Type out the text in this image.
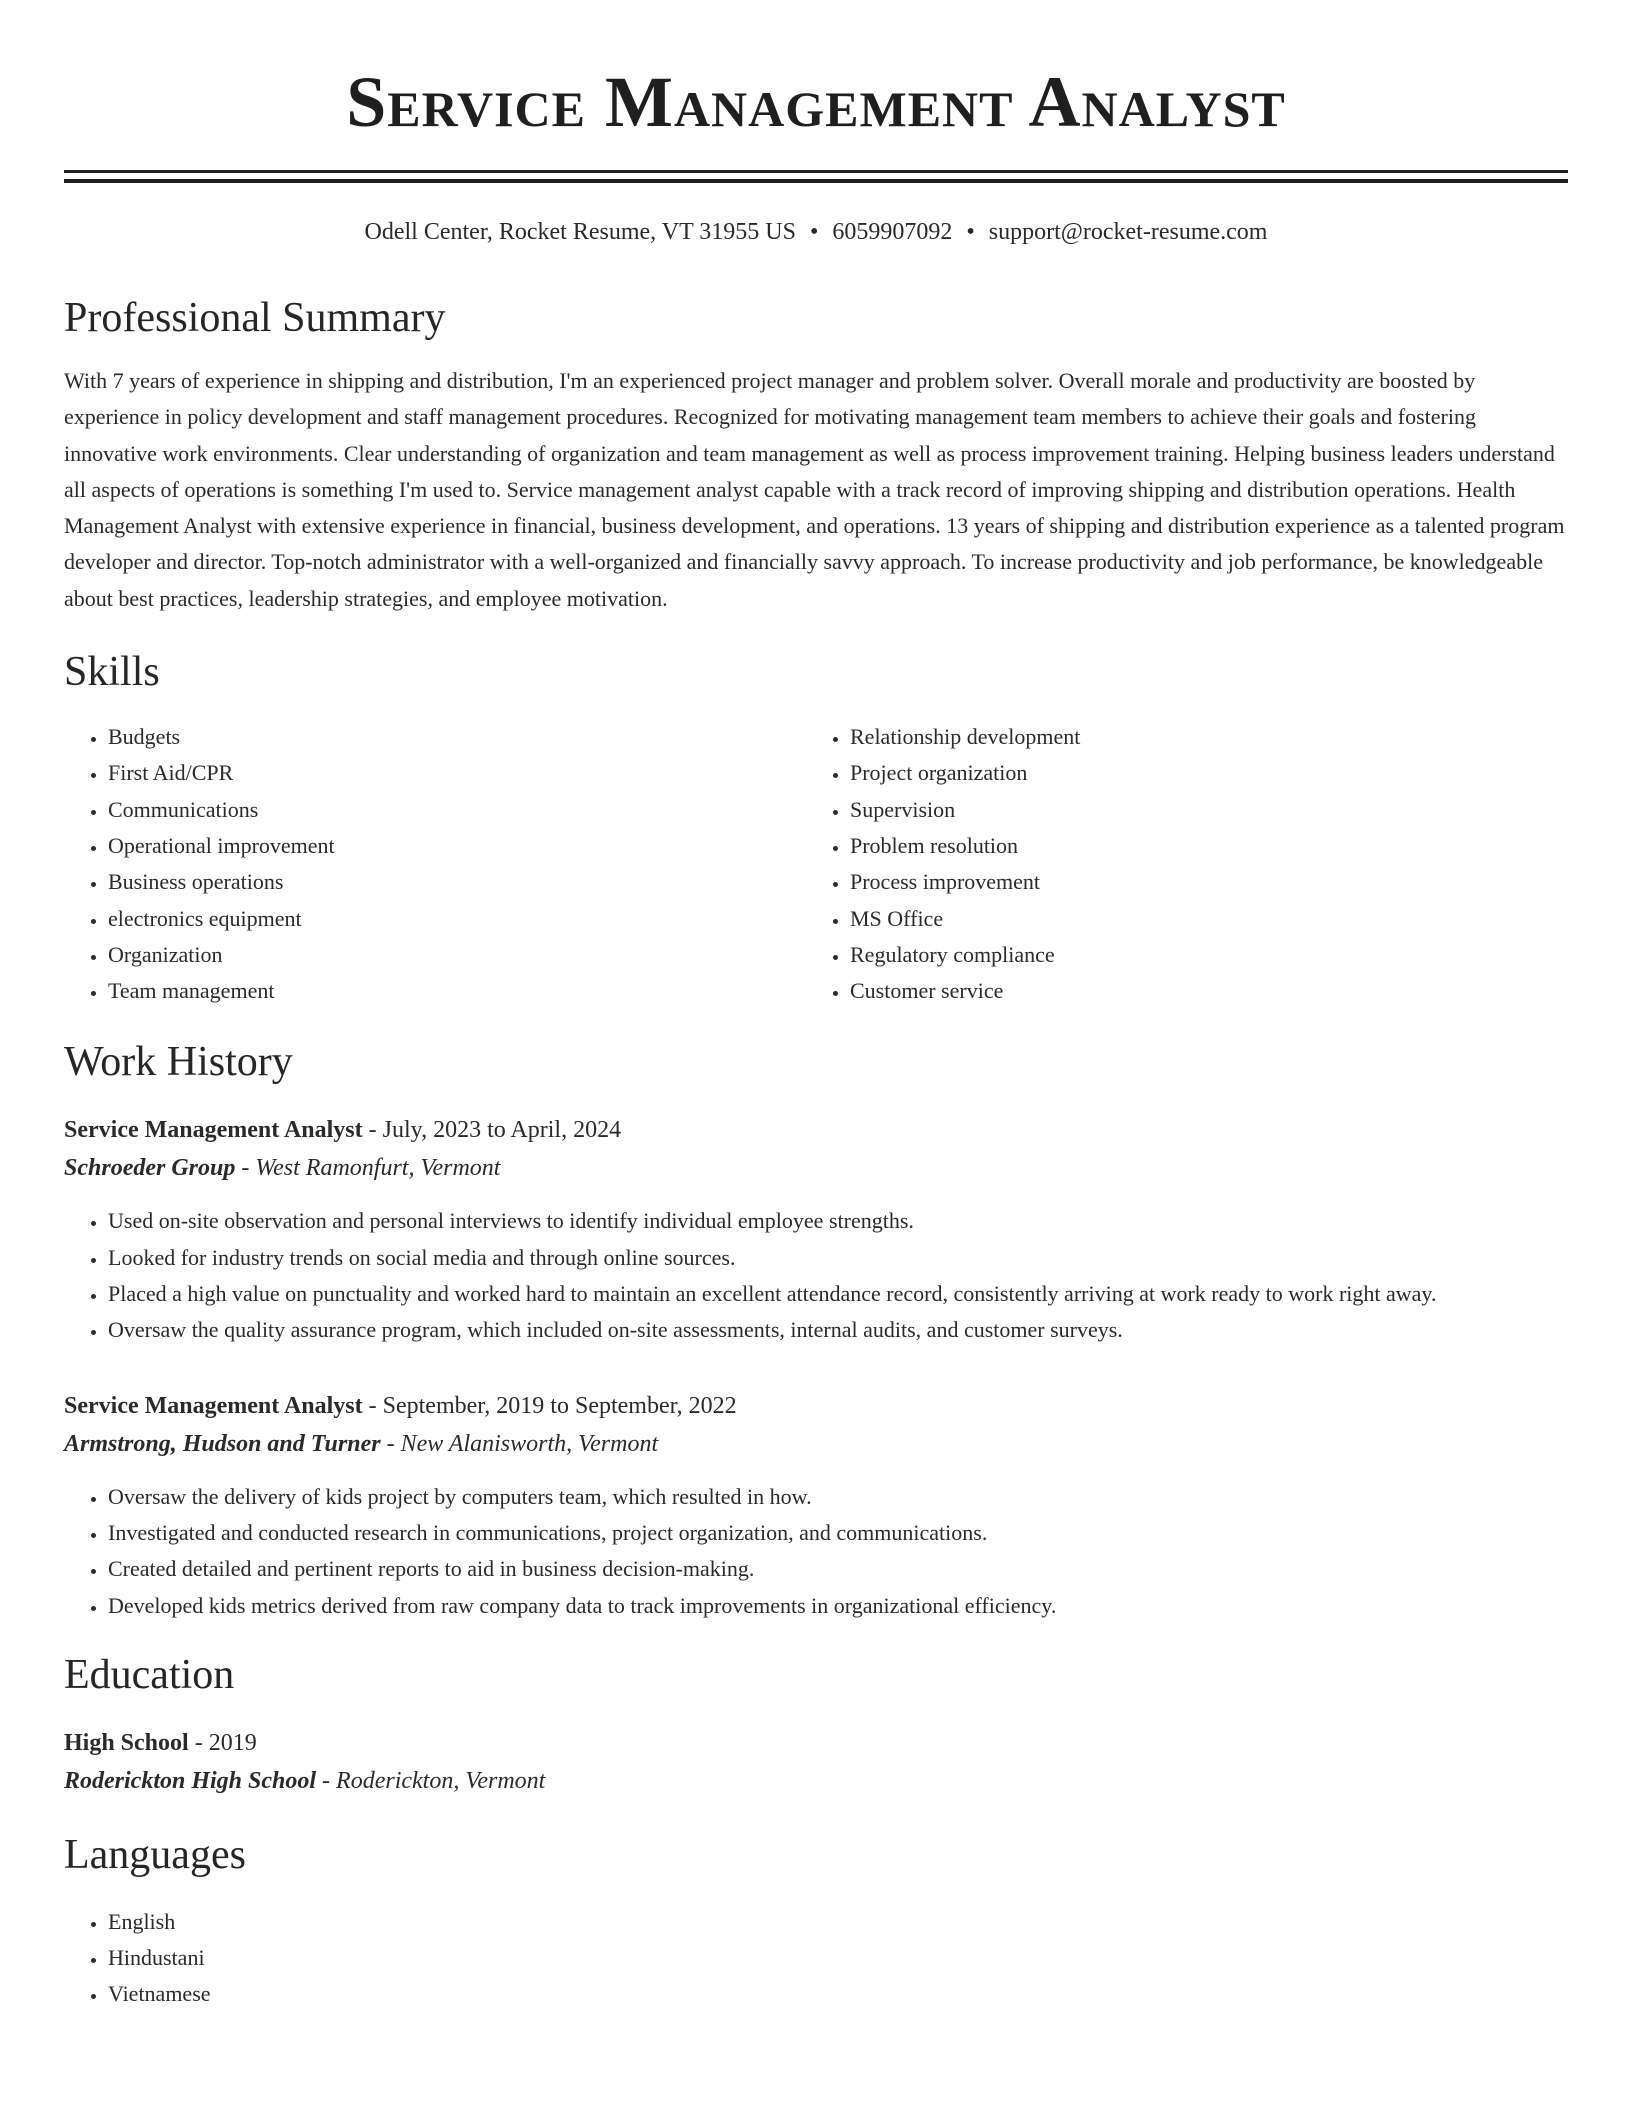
Service Management Analyst
Odell Center, Rocket Resume, VT 31955 US • 6059907092 • support@rocket-resume.com
Professional Summary

With 7 years of experience in shipping and distribution, I'm an experienced project manager and problem solver. Overall morale and productivity are boosted by experience in policy development and staff management procedures. Recognized for motivating management team members to achieve their goals and fostering innovative work environments. Clear understanding of organization and team management as well as process improvement training. Helping business leaders understand all aspects of operations is something I'm used to. Service management analyst capable with a track record of improving shipping and distribution operations. Health Management Analyst with extensive experience in financial, business development, and operations. 13 years of shipping and distribution experience as a talented program developer and director. Top-notch administrator with a well-organized and financially savvy approach. To increase productivity and job performance, be knowledgeable about best practices, leadership strategies, and employee motivation.

Skills
• Budgets
• First Aid/CPR
• Communications
• Operational improvement
• Business operations
• electronics equipment
• Organization
• Team management
• Relationship development
• Project organization
• Supervision
• Problem resolution
• Process improvement
• MS Office
• Regulatory compliance
• Customer service
Work History
Service Management Analyst - July, 2023 to April, 2024
Schroeder Group - West Ramonfurt, Vermont
• Used on-site observation and personal interviews to identify individual employee strengths.
• Looked for industry trends on social media and through online sources.
• Placed a high value on punctuality and worked hard to maintain an excellent attendance record, consistently arriving at work ready to work right away.
• Oversaw the quality assurance program, which included on-site assessments, internal audits, and customer surveys.
Service Management Analyst - September, 2019 to September, 2022
Armstrong, Hudson and Turner - New Alanisworth, Vermont
• Oversaw the delivery of kids project by computers team, which resulted in how.
• Investigated and conducted research in communications, project organization, and communications.
• Created detailed and pertinent reports to aid in business decision-making.
• Developed kids metrics derived from raw company data to track improvements in organizational efficiency.
Education
High School - 2019
Roderickton High School - Roderickton, Vermont
Languages
• English
• Hindustani
• Vietnamese
